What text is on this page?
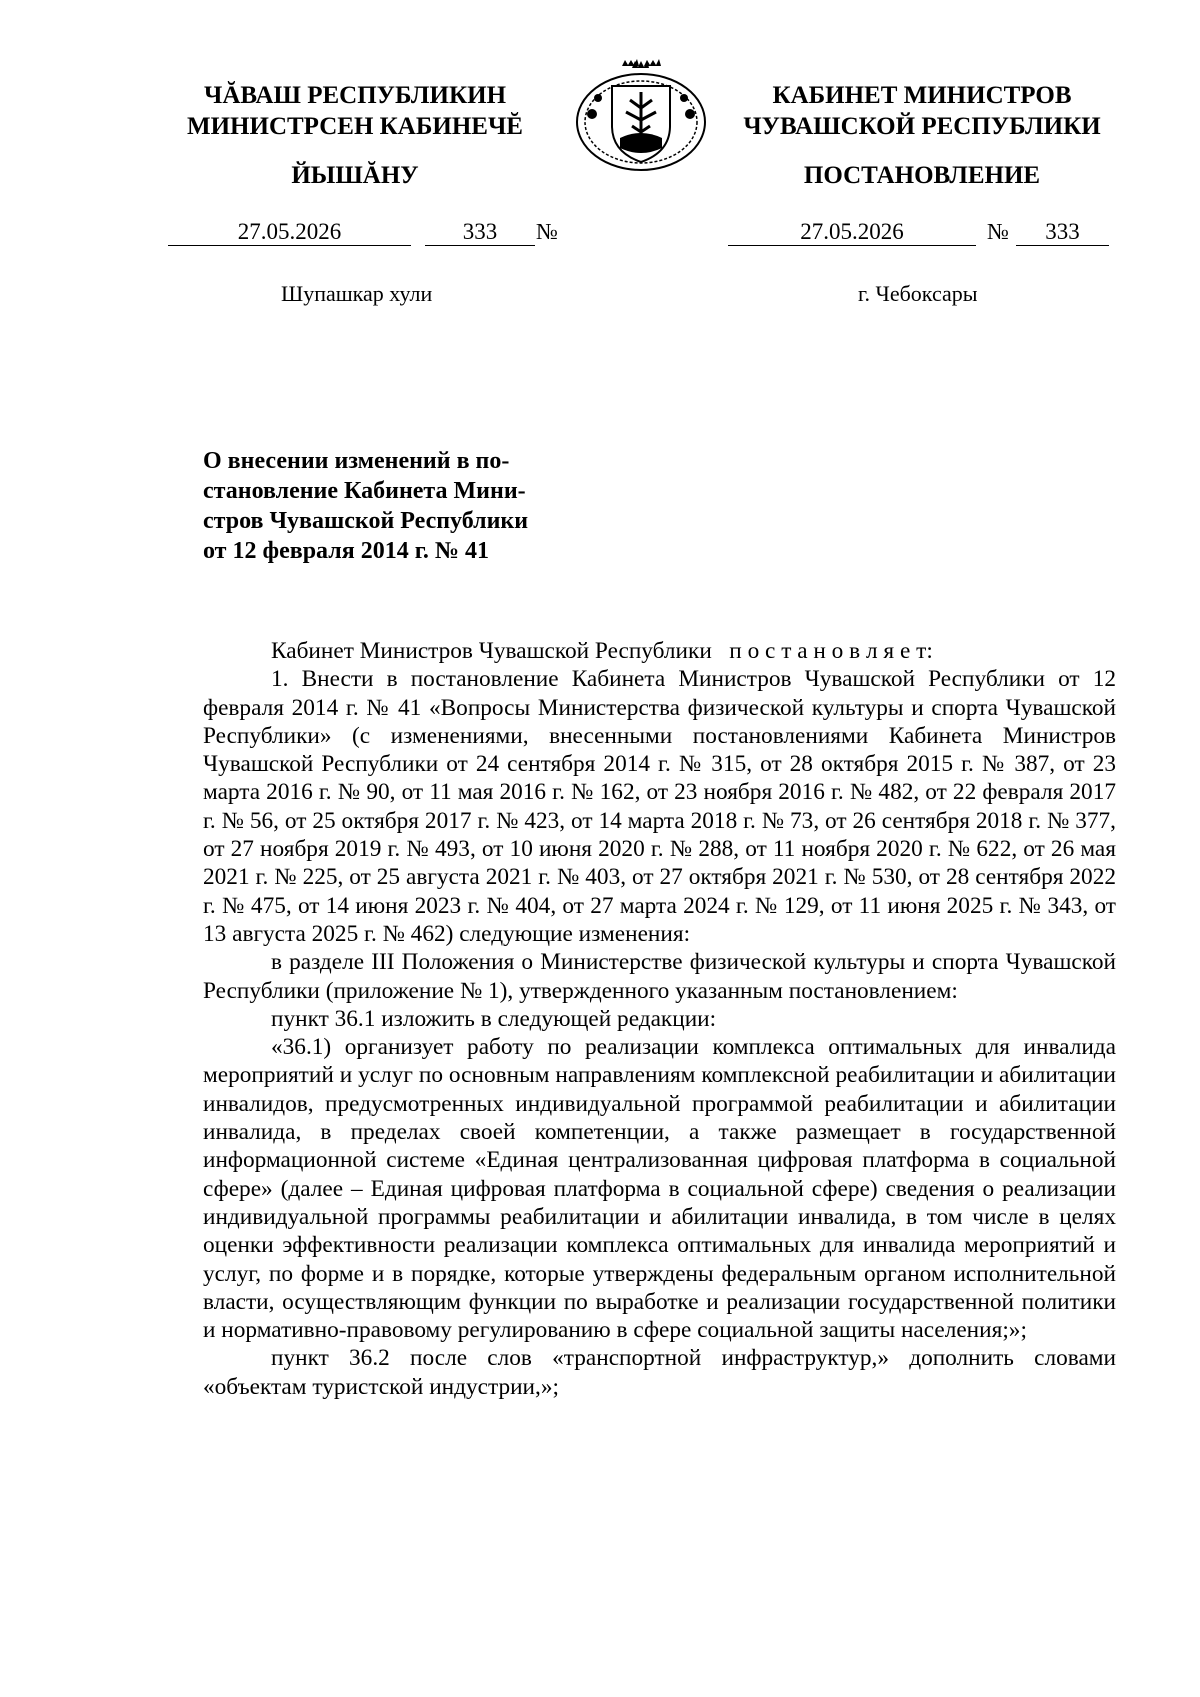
ЧĂВАШ РЕСПУБЛИКИН
МИНИСТРСЕН КАБИНЕЧĔ
ЙЫШĂНУ
КАБИНЕТ МИНИСТРОВ
ЧУВАШСКОЙ РЕСПУБЛИКИ
ПОСТАНОВЛЕНИЕ
27.05.2026	333	№	27.05.2026	№	333
Шупашкар хули	г. Чебоксары
О внесении изменений в по-
становление Кабинета Мини-
стров Чувашской Республики
от 12 февраля 2014 г. № 41

Кабинет Министров Чувашской Республики п о с т а н о в л я е т:

1. Внести в постановление Кабинета Министров Чувашской Республики от 12 февраля 2014 г. № 41 «Вопросы Министерства физической культуры и спорта Чувашской Республики» (с изменениями, внесенными постановлениями Кабинета Министров Чувашской Республики от 24 сентября 2014 г. № 315, от 28 октября 2015 г. № 387, от 23 марта 2016 г. № 90, от 11 мая 2016 г. № 162, от 23 ноября 2016 г. № 482, от 22 февраля 2017 г. № 56, от 25 октября 2017 г. № 423, от 14 марта 2018 г. № 73, от 26 сентября 2018 г. № 377, от 27 ноября 2019 г. № 493, от 10 июня 2020 г. № 288, от 11 ноября 2020 г. № 622, от 26 мая 2021 г. № 225, от 25 августа 2021 г. № 403, от 27 октября 2021 г. № 530, от 28 сентября 2022 г. № 475, от 14 июня 2023 г. № 404, от 27 марта 2024 г. № 129, от 11 июня 2025 г. № 343, от 13 августа 2025 г. № 462) следующие изменения:

в разделе III Положения о Министерстве физической культуры и спорта Чувашской Республики (приложение № 1), утвержденного указанным постановлением:

пункт 36.1 изложить в следующей редакции:

«36.1) организует работу по реализации комплекса оптимальных для инвалида мероприятий и услуг по основным направлениям комплексной реабилитации и абилитации инвалидов, предусмотренных индивидуальной программой реабилитации и абилитации инвалида, в пределах своей компетенции, а также размещает в государственной информационной системе «Единая централизованная цифровая платформа в социальной сфере» (далее – Единая цифровая платформа в социальной сфере) сведения о реализации индивидуальной программы реабилитации и абилитации инвалида, в том числе в целях оценки эффективности реализации комплекса оптимальных для инвалида мероприятий и услуг, по форме и в порядке, которые утверждены федеральным органом исполнительной власти, осуществляющим функции по выработке и реализации государственной политики и нормативно-правовому регулированию в сфере социальной защиты населения;»;

пункт 36.2 после слов «транспортной инфраструктур,» дополнить словами «объектам туристской индустрии,»;
